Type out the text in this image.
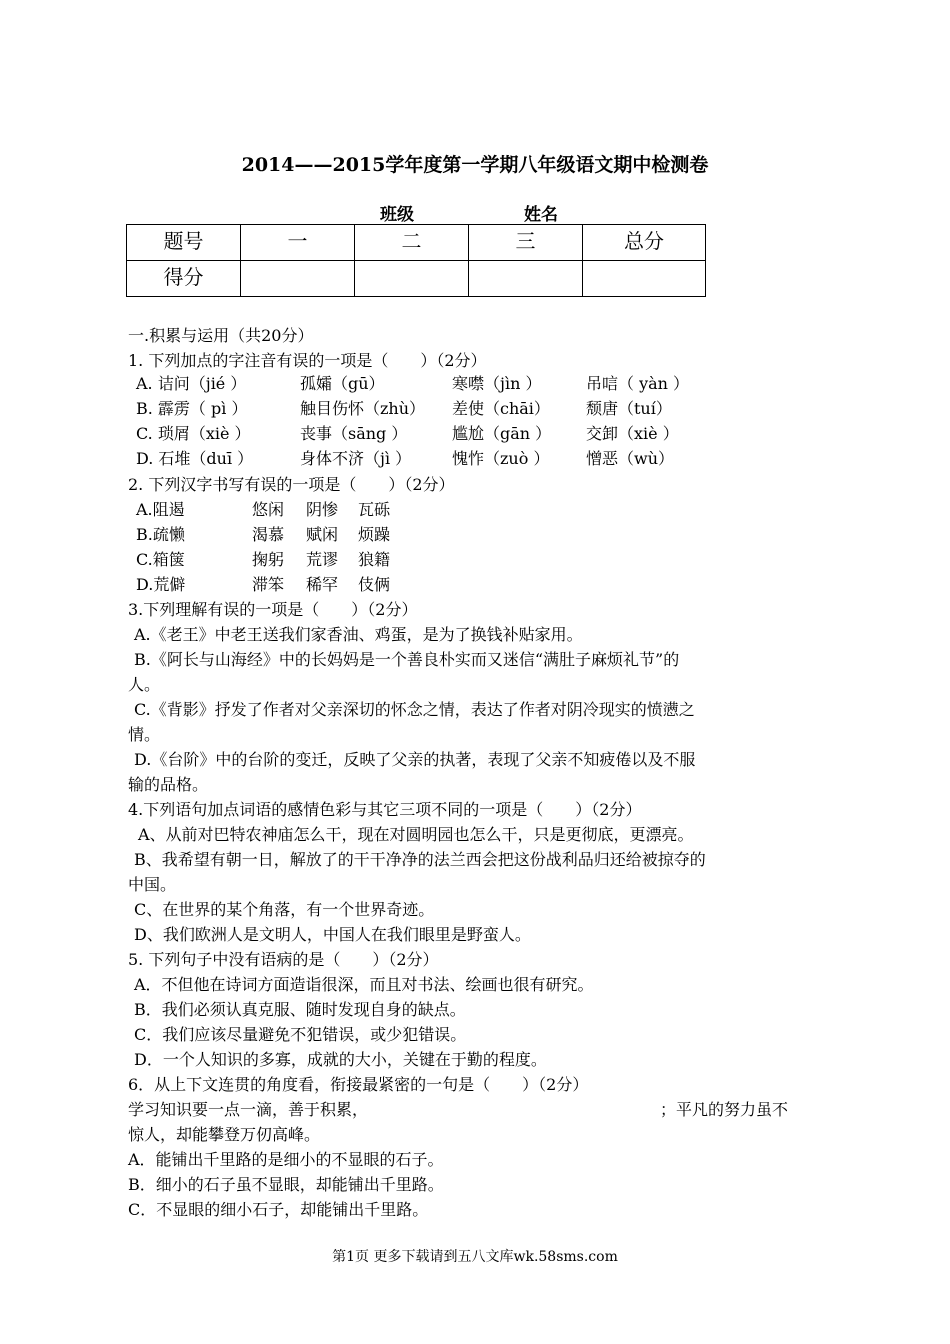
2014——2015学年度第一学期八年级语文期中检测卷
班级	姓名
题号	一	二	三	总分
得分				
一.积累与运用（共20分）
1. 下列加点的字注音有误的一项是（　　）（2分）
A. 诘问（jié ）	孤孀（gū）	寒噤（jìn ）	吊唁（ yàn ）
B. 霹雳（ pì ）	触目伤怀（zhù） 差使（chāi） 颓唐（tuí）
C. 琐屑（xiè ）	丧事（sāng ）	尴尬（gān ） 交卸（xiè ）
D. 石堆（duī ）	身体不济（jì ）	愧怍（zuò ） 憎恶（wù）
2. 下列汉字书写有误的一项是（　　）（2分）
A.阻遏	悠闲 阴惨 瓦砾
B.疏懒	渴慕 赋闲 烦躁
C.箱箧	掬躬 荒谬 狼籍
D.荒僻	滞笨 稀罕 伎俩
3.下列理解有误的一项是（　　）（2分）
A.《老王》中老王送我们家香油、鸡蛋，是为了换钱补贴家用。
B.《阿长与山海经》中的长妈妈是一个善良朴实而又迷信“满肚子麻烦礼节”的
人。
C.《背影》抒发了作者对父亲深切的怀念之情，表达了作者对阴冷现实的愤懑之
情。
D.《台阶》中的台阶的变迁，反映了父亲的执著，表现了父亲不知疲倦以及不服
输的品格。
4.下列语句加点词语的感情色彩与其它三项不同的一项是（　　）（2分）
A、从前对巴特农神庙怎么干，现在对圆明园也怎么干，只是更彻底，更漂亮。
B、我希望有朝一日，解放了的干干净净的法兰西会把这份战利品归还给被掠夺的
中国。
C、在世界的某个角落，有一个世界奇迹。
D、我们欧洲人是文明人，中国人在我们眼里是野蛮人。
5. 下列句子中没有语病的是（　　）（2分）
A．不但他在诗词方面造诣很深，而且对书法、绘画也很有研究。
B．我们必须认真克服、随时发现自身的缺点。
C．我们应该尽量避免不犯错误，或少犯错误。
D．一个人知识的多寡，成就的大小，关键在于勤的程度。
6．从上下文连贯的角度看，衔接最紧密的一句是（　　）（2分）
学习知识要一点一滴，善于积累，	；平凡的努力虽不
惊人，却能攀登万仞高峰。
A．能铺出千里路的是细小的不显眼的石子。
B．细小的石子虽不显眼，却能铺出千里路。
C．不显眼的细小石子，却能铺出千里路。
第1页 更多下载请到五八文库wk.58sms.com
